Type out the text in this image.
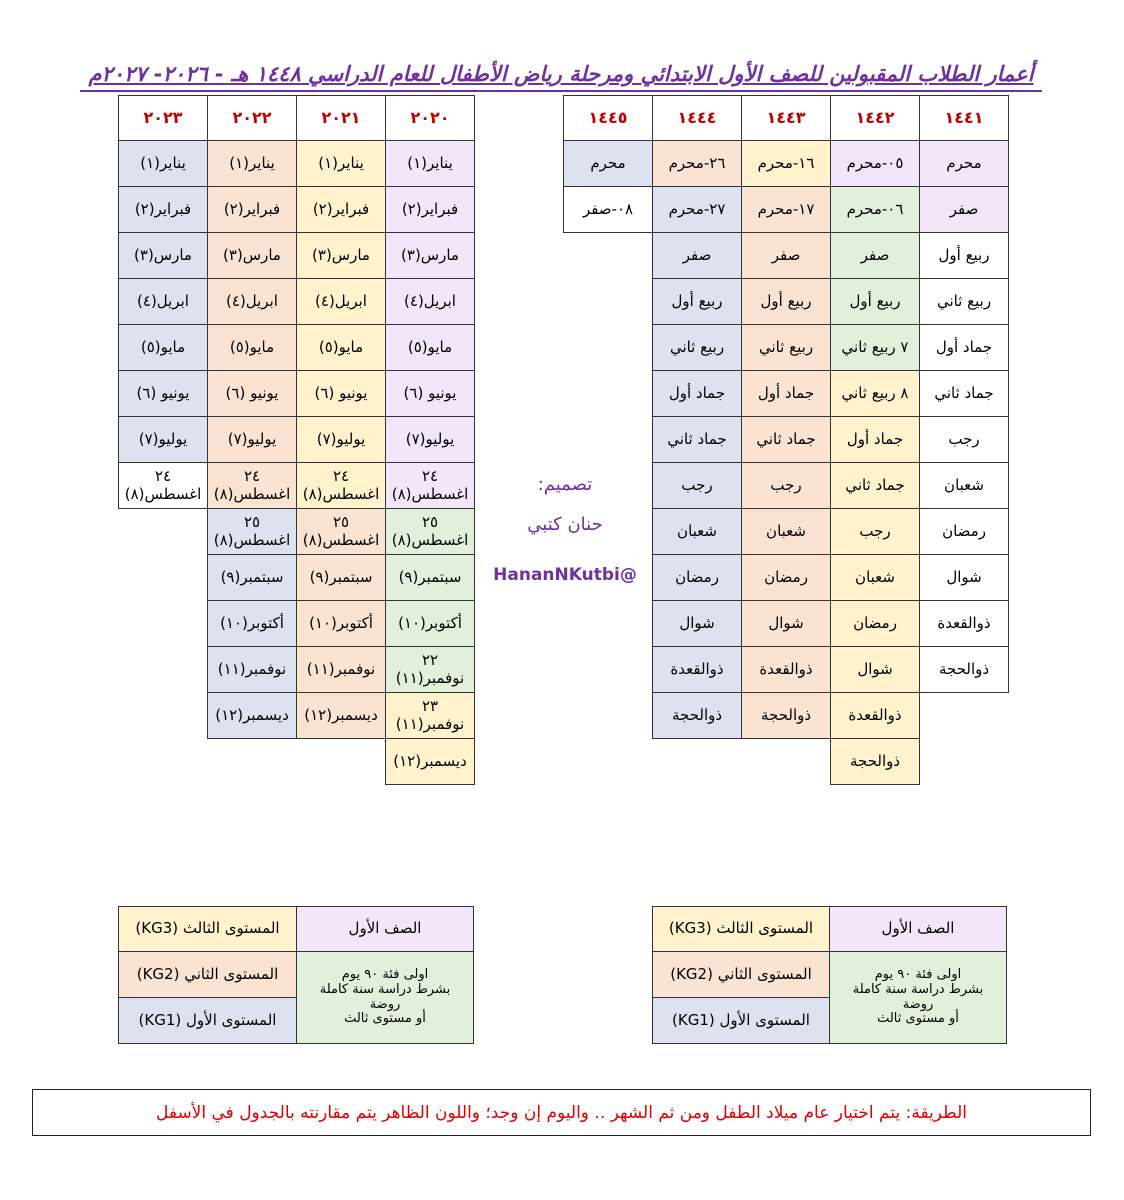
أعمار الطلاب المقبولين للصف الأول الابتدائي ومرحلة رياض الأطفال للعام الدراسي ١٤٤٨ هـ - ٢٠٢٦- ٢٠٢٧م
١٤٤١
١٤٤٢
١٤٤٣
١٤٤٤
١٤٤٥
محرم
صفر
ربيع أول
ربيع ثاني
جماد أول
جماد ثاني
رجب
شعبان
رمضان
شوال
ذوالقعدة
ذوالحجة
٠٥-محرم
٠٦-محرم
صفر
ربيع أول
٧ ربيع ثاني
٨ ربيع ثاني
جماد أول
جماد ثاني
رجب
شعبان
رمضان
شوال
ذوالقعدة
ذوالحجة
١٦-محرم
١٧-محرم
صفر
ربيع أول
ربيع ثاني
جماد أول
جماد ثاني
رجب
شعبان
رمضان
شوال
ذوالقعدة
ذوالحجة
٢٦-محرم
٢٧-محرم
صفر
ربيع أول
ربيع ثاني
جماد أول
جماد ثاني
رجب
شعبان
رمضان
شوال
ذوالقعدة
ذوالحجة
محرم
٠٨-صفر
٢٠٢٠
٢٠٢١
٢٠٢٢
٢٠٢٣
يناير(١)
فبراير(٢)
مارس(٣)
ابريل(٤)
مايو(٥)
يونيو (٦)
يوليو(٧)
٢٤
اغسطس(٨)
٢٥
اغسطس(٨)
سبتمبر(٩)
أكتوبر(١٠)
٢٢
نوفمبر(١١)
٢٣
نوفمبر(١١)
ديسمبر(١٢)
يناير(١)
فبراير(٢)
مارس(٣)
ابريل(٤)
مايو(٥)
يونيو (٦)
يوليو(٧)
٢٤
اغسطس(٨)
٢٥
اغسطس(٨)
سبتمبر(٩)
أكتوبر(١٠)
نوفمبر(١١)
ديسمبر(١٢)
يناير(١)
فبراير(٢)
مارس(٣)
ابريل(٤)
مايو(٥)
يونيو (٦)
يوليو(٧)
٢٤
اغسطس(٨)
٢٥
اغسطس(٨)
سبتمبر(٩)
أكتوبر(١٠)
نوفمبر(١١)
ديسمبر(١٢)
يناير(١)
فبراير(٢)
مارس(٣)
ابريل(٤)
مايو(٥)
يونيو (٦)
يوليو(٧)
٢٤
اغسطس(٨)	تصميم:
حنان كتبي
HananNKutbi@
الصف الأول
اولى فئة ٩٠ يوم
بشرط دراسة سنة كاملة
روضة
أو مستوى ثالث
المستوى الثالث (KG3)
المستوى الثاني (KG2)
المستوى الأول (KG1)
الصف الأول
اولى فئة ٩٠ يوم
بشرط دراسة سنة كاملة
روضة
أو مستوى ثالث
المستوى الثالث (KG3)
المستوى الثاني (KG2)
المستوى الأول (KG1)
الطريقة: يتم اختيار عام ميلاد الطفل ومن ثم الشهر .. واليوم إن وجد؛ واللون الظاهر يتم مقارنته بالجدول في الأسفل
